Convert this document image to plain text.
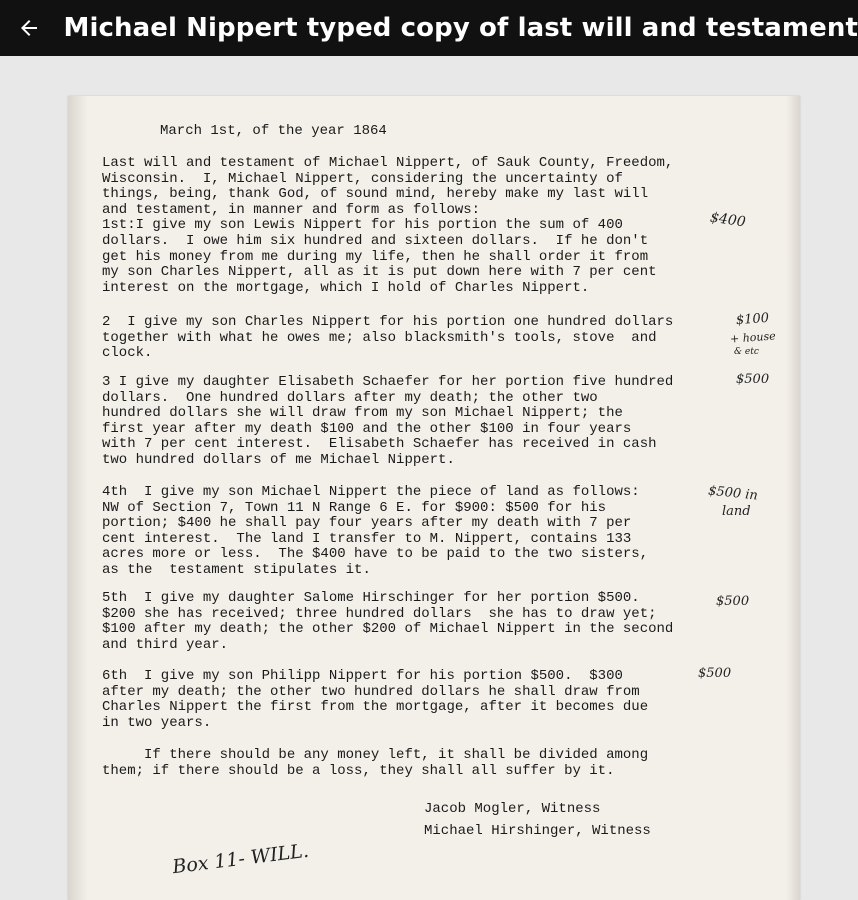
Michael Nippert typed copy of last will and testament

March 1st, of the year 1864

Last will and testament of Michael Nippert, of Sauk County, Freedom,
Wisconsin.  I, Michael Nippert, considering the uncertainty of
things, being, thank God, of sound mind, hereby make my last will
and testament, in manner and form as follows:
1st:I give my son Lewis Nippert for his portion the sum of 400
dollars.  I owe him six hundred and sixteen dollars.  If he don't
get his money from me during my life, then he shall order it from
my son Charles Nippert, all as it is put down here with 7 per cent
interest on the mortgage, which I hold of Charles Nippert.

2  I give my son Charles Nippert for his portion one hundred dollars
together with what he owes me; also blacksmith's tools, stove  and
clock.

3 I give my daughter Elisabeth Schaefer for her portion five hundred
dollars.  One hundred dollars after my death; the other two
hundred dollars she will draw from my son Michael Nippert; the
first year after my death $100 and the other $100 in four years
with 7 per cent interest.  Elisabeth Schaefer has received in cash
two hundred dollars of me Michael Nippert.

4th  I give my son Michael Nippert the piece of land as follows:
NW of Section 7, Town 11 N Range 6 E. for $900: $500 for his
portion; $400 he shall pay four years after my death with 7 per
cent interest.  The land I transfer to M. Nippert, contains 133
acres more or less.  The $400 have to be paid to the two sisters,
as the  testament stipulates it.

5th  I give my daughter Salome Hirschinger for her portion $500.
$200 she has received; three hundred dollars  she has to draw yet;
$100 after my death; the other $200 of Michael Nippert in the second
and third year.

6th  I give my son Philipp Nippert for his portion $500.  $300
after my death; the other two hundred dollars he shall draw from
Charles Nippert the first from the mortgage, after it becomes due
in two years.

If there should be any money left, it shall be divided among
them; if there should be a loss, they shall all suffer by it.

Jacob Mogler, Witness

Michael Hirshinger, Witness

$400

$100

+ house

& etc

$500

$500 in

land

$500

$500

Box 11- WILL.
